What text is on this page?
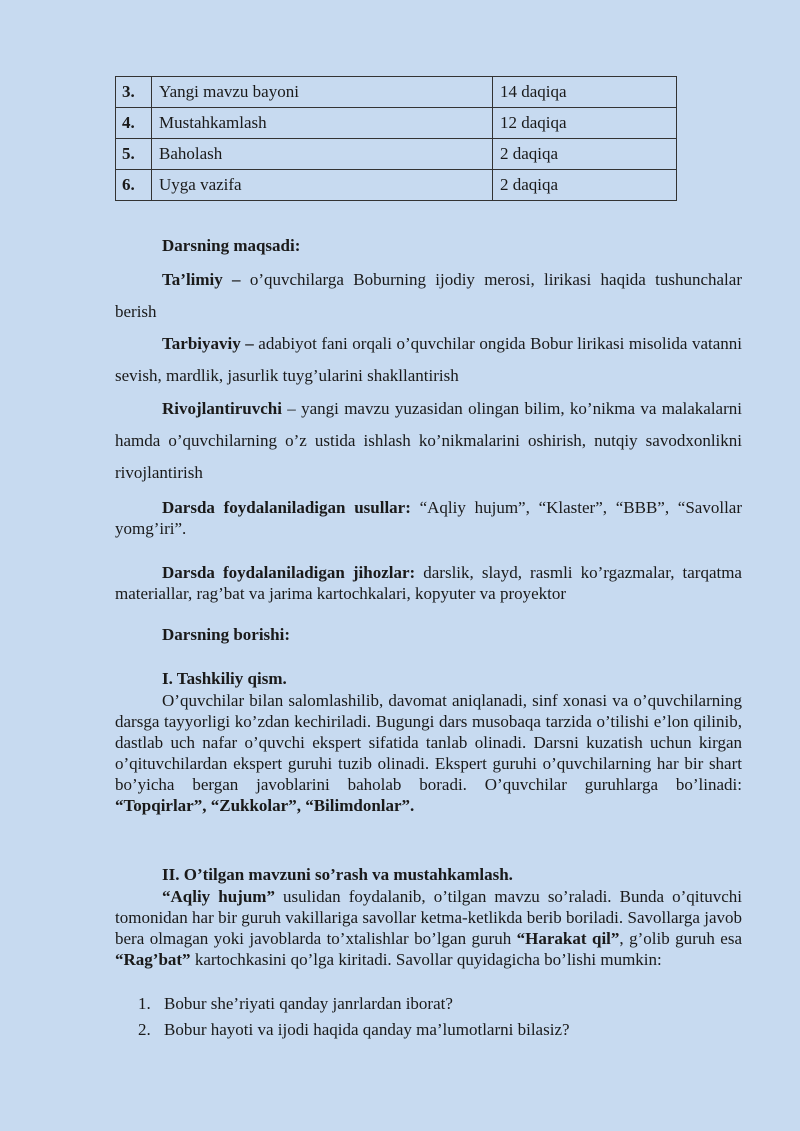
3.	Yangi mavzu bayoni	14 daqiqa
4.	Mustahkamlash	12 daqiqa
5.	Baholash	2 daqiqa
6.	Uyga vazifa	2 daqiqa

Darsning maqsadi:

Ta’limiy – o’quvchilarga Boburning ijodiy merosi, lirikasi haqida tushunchalar berish

Tarbiyaviy – adabiyot fani orqali o’quvchilar ongida Bobur lirikasi misolida vatanni sevish, mardlik, jasurlik tuyg’ularini shakllantirish

Rivojlantiruvchi – yangi mavzu yuzasidan olingan bilim, ko’nikma va malakalarni hamda o’quvchilarning o’z ustida ishlash ko’nikmalarini oshirish, nutqiy savodxonlikni rivojlantirish

Darsda foydalaniladigan usullar: “Aqliy hujum”, “Klaster”, “BBB”, “Savollar yomg’iri”.

Darsda foydalaniladigan jihozlar: darslik, slayd, rasmli ko’rgazmalar, tarqatma materiallar, rag’bat va jarima kartochkalari, kopyuter va proyektor

Darsning borishi:

I. Tashkiliy qism.

O’quvchilar bilan salomlashilib, davomat aniqlanadi, sinf xonasi va o’quvchilarning darsga tayyorligi ko’zdan kechiriladi. Bugungi dars musobaqa tarzida o’tilishi e’lon qilinib, dastlab uch nafar o’quvchi ekspert sifatida tanlab olinadi. Darsni kuzatish uchun kirgan o’qituvchilardan ekspert guruhi tuzib olinadi. Ekspert guruhi o’quvchilarning har bir shart bo’yicha bergan javoblarini baholab boradi. O’quvchilar guruhlarga bo’linadi: “Topqirlar”, “Zukkolar”, “Bilimdonlar”.

II. O’tilgan mavzuni so’rash va mustahkamlash.

“Aqliy hujum” usulidan foydalanib, o’tilgan mavzu so’raladi. Bunda o’qituvchi tomonidan har bir guruh vakillariga savollar ketma-ketlikda berib boriladi. Savollarga javob bera olmagan yoki javoblarda to’xtalishlar bo’lgan guruh “Harakat qil”, g’olib guruh esa “Rag’bat” kartochkasini qo’lga kiritadi. Savollar quyidagicha bo’lishi mumkin:

1. Bobur she’riyati qanday janrlardan iborat?
2. Bobur hayoti va ijodi haqida qanday ma’lumotlarni bilasiz?
